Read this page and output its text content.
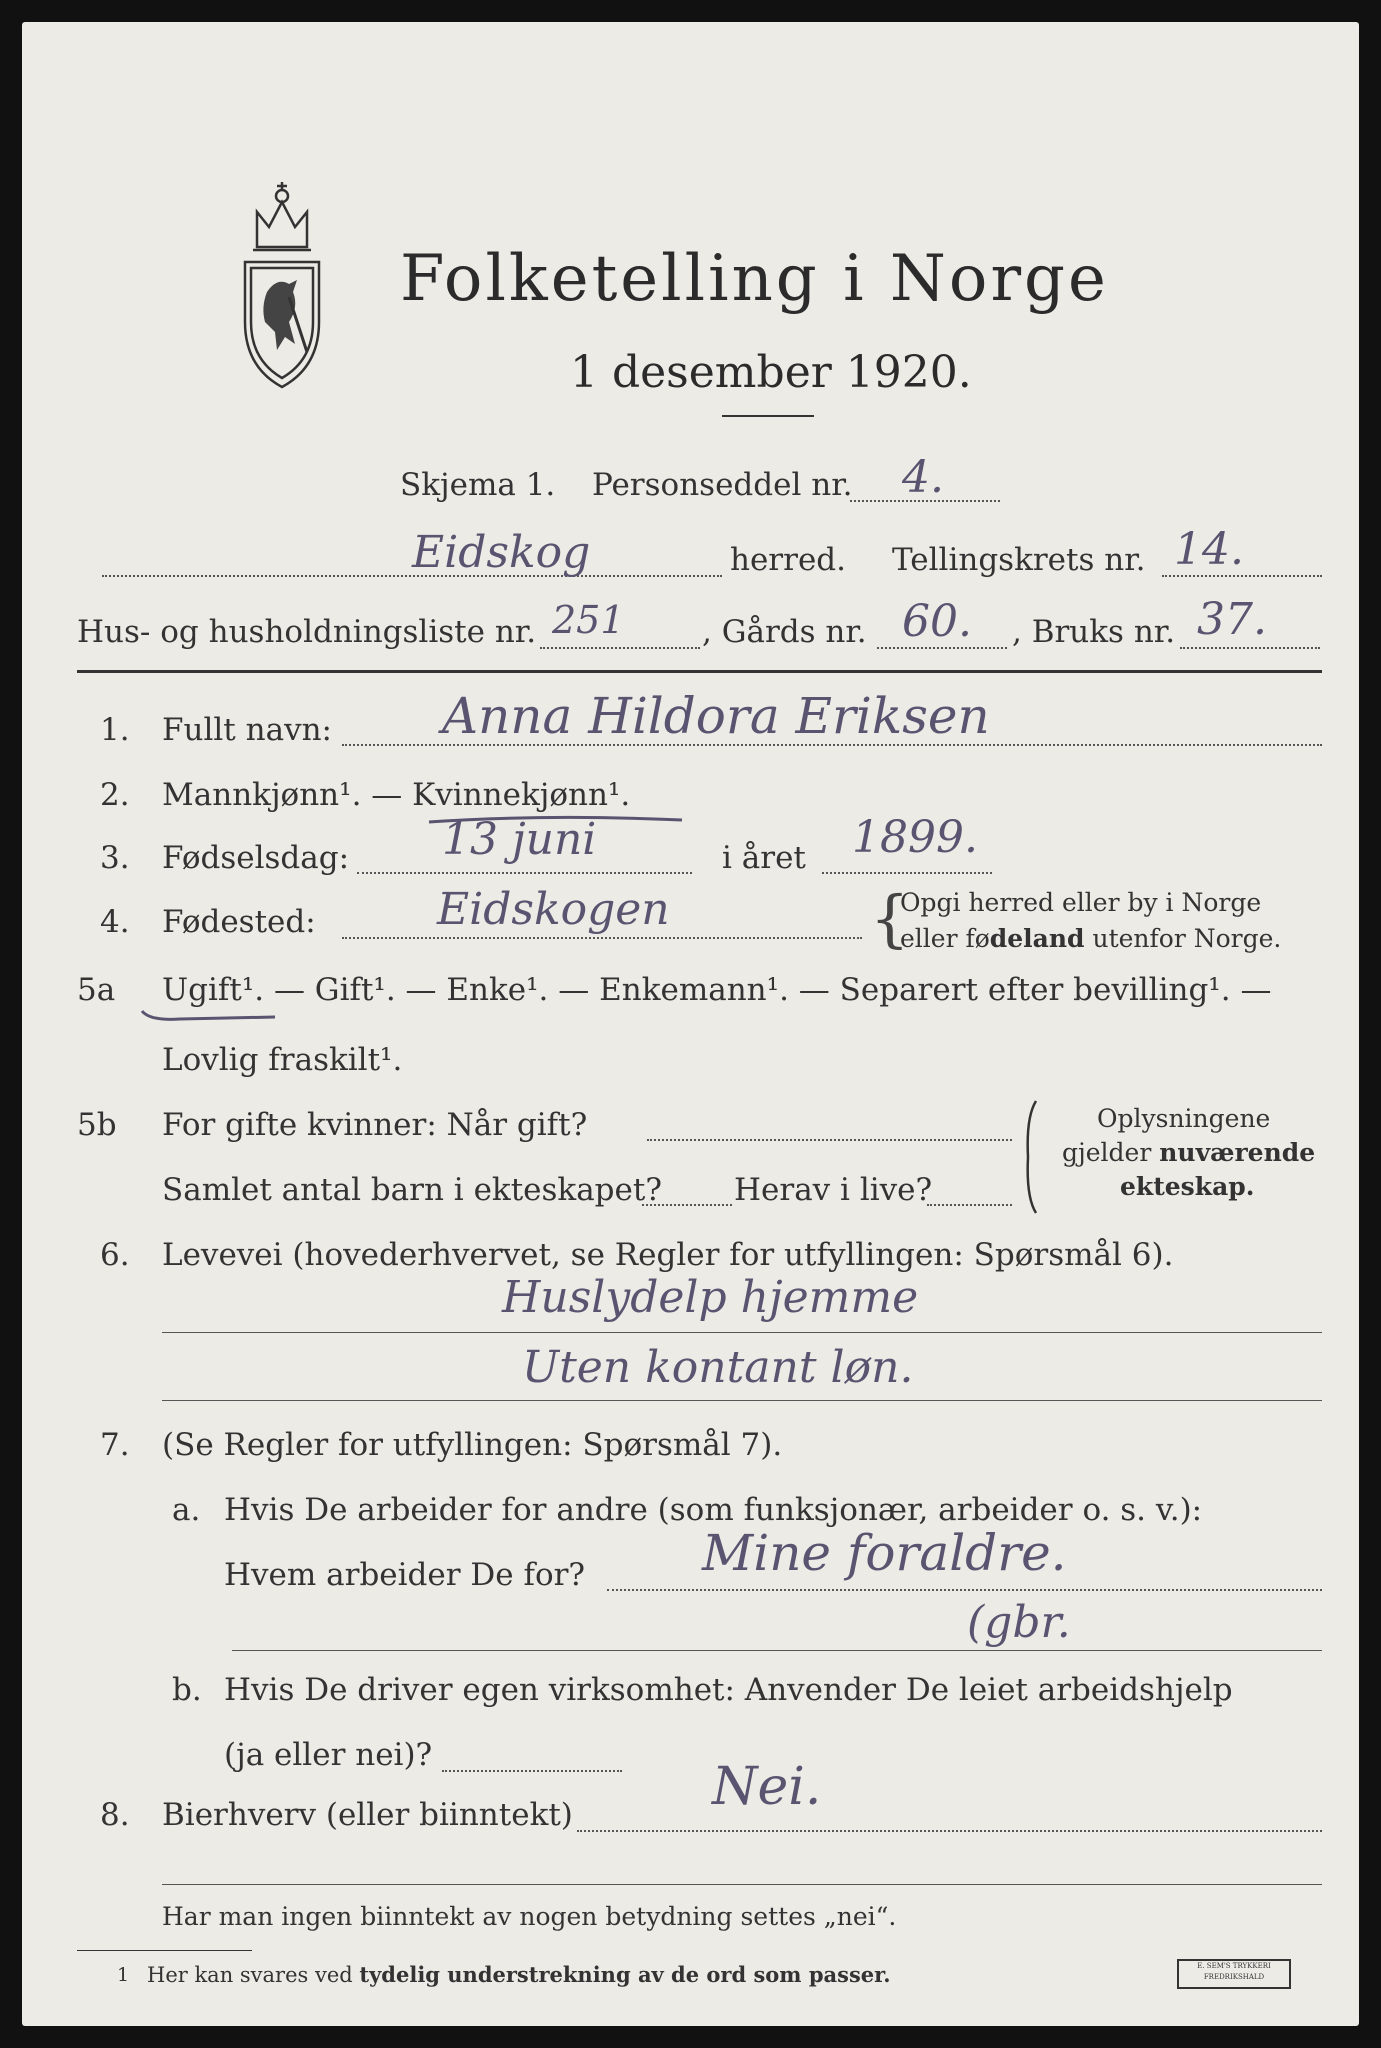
Folketelling i Norge
1 desember 1920.
Skjema 1. Personseddel nr. 4.
Eidskog	herred. Tellingskrets nr. 14.
Hus- og husholdningsliste nr. 251 , Gårds nr. 60. , Bruks nr. 37.
1. Fullt navn: Anna Hildora Eriksen
2. Mannkjønn¹. — Kvinnekjønn¹.
3. Fødselsdag: 13 juni	i året 1899.
4. Fødested:	Eidskogen	{
Opgi herred eller by i Norge
eller fødeland utenfor Norge.
5a Ugift¹. — Gift¹. — Enke¹. — Enkemann¹. — Separert efter bevilling¹. —
Lovlig fraskilt¹.
5b For gifte kvinner: Når gift?
Samlet antal barn i ekteskapet? Herav i live?
Oplysningene
gjelder nuværende
ekteskap.
6. Levevei (hovederhvervet, se Regler for utfyllingen: Spørsmål 6).
Huslydelp hjemme
Uten kontant løn.
7. (Se Regler for utfyllingen: Spørsmål 7).
a. Hvis De arbeider for andre (som funksjonær, arbeider o. s. v.):
Hvem arbeider De for? Mine foraldre.
(gbr.
b. Hvis De driver egen virksomhet: Anvender De leiet arbeidshjelp
(ja eller nei)?
8. Bierhverv (eller biinntekt)	Nei.
Har man ingen biinntekt av nogen betydning settes „nei“.
1 Her kan svares ved tydelig understrekning av de ord som passer.	E. SEM'S TRYKKERI
FREDRIKSHALD
